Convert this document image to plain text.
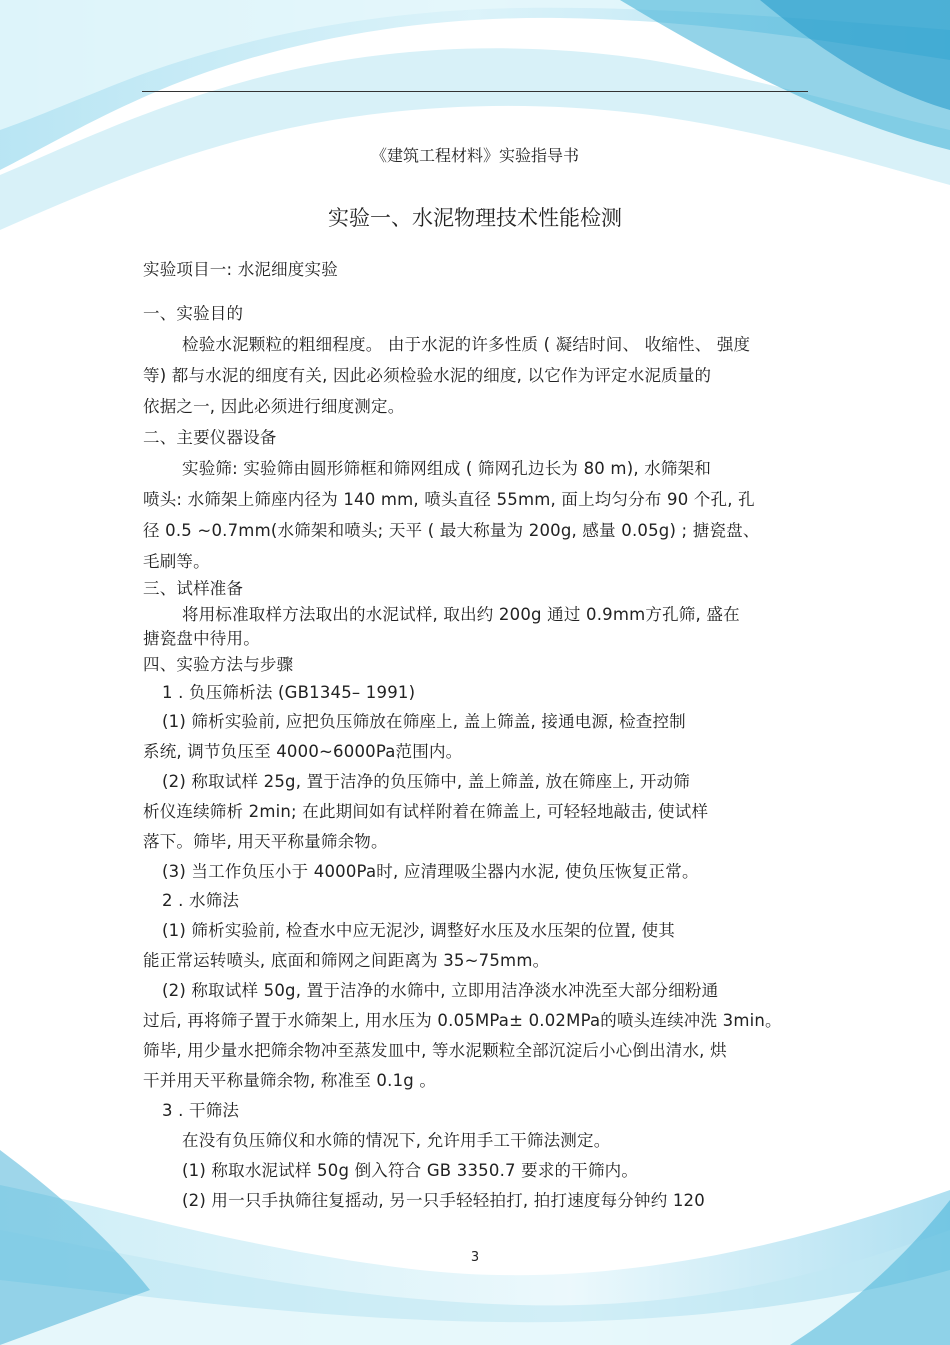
《建筑工程材料》实验指导书
实验一、水泥物理技术性能检测
实验项目一: 水泥细度实验
一、实验目的
检验水泥颗粒的粗细程度。 由于水泥的许多性质 ( 凝结时间、 收缩性、 强度
等) 都与水泥的细度有关, 因此必须检验水泥的细度, 以它作为评定水泥质量的
依据之一, 因此必须进行细度测定。
二、主要仪器设备
实验筛: 实验筛由圆形筛框和筛网组成 ( 筛网孔边长为 80 m), 水筛架和
喷头: 水筛架上筛座内径为 140 mm, 喷头直径 55mm, 面上均匀分布 90 个孔, 孔
径 0.5 ~0.7mm(水筛架和喷头; 天平 ( 最大称量为 200g, 感量 0.05g) ; 搪瓷盘、
毛刷等。
三、试样准备
将用标准取样方法取出的水泥试样, 取出约 200g 通过 0.9mm方孔筛, 盛在
搪瓷盘中待用。
四、实验方法与步骤
1 . 负压筛析法 (GB1345– 1991)
(1) 筛析实验前, 应把负压筛放在筛座上, 盖上筛盖, 接通电源, 检查控制
系统, 调节负压至 4000~6000Pa范围内。
(2) 称取试样 25g, 置于洁净的负压筛中, 盖上筛盖, 放在筛座上, 开动筛
析仪连续筛析 2min; 在此期间如有试样附着在筛盖上, 可轻轻地敲击, 使试样
落下。筛毕, 用天平称量筛余物。
(3) 当工作负压小于 4000Pa时, 应清理吸尘器内水泥, 使负压恢复正常。
2 . 水筛法
(1) 筛析实验前, 检查水中应无泥沙, 调整好水压及水压架的位置, 使其
能正常运转喷头, 底面和筛网之间距离为 35~75mm。
(2) 称取试样 50g, 置于洁净的水筛中, 立即用洁净淡水冲洗至大部分细粉通
过后, 再将筛子置于水筛架上, 用水压为 0.05MPa± 0.02MPa的喷头连续冲洗 3min。
筛毕, 用少量水把筛余物冲至蒸发皿中, 等水泥颗粒全部沉淀后小心倒出清水, 烘
干并用天平称量筛余物, 称准至 0.1g 。
3 . 干筛法
在没有负压筛仪和水筛的情况下, 允许用手工干筛法测定。
(1) 称取水泥试样 50g 倒入符合 GB 3350.7 要求的干筛内。
(2) 用一只手执筛往复摇动, 另一只手轻轻拍打, 拍打速度每分钟约 120
3
